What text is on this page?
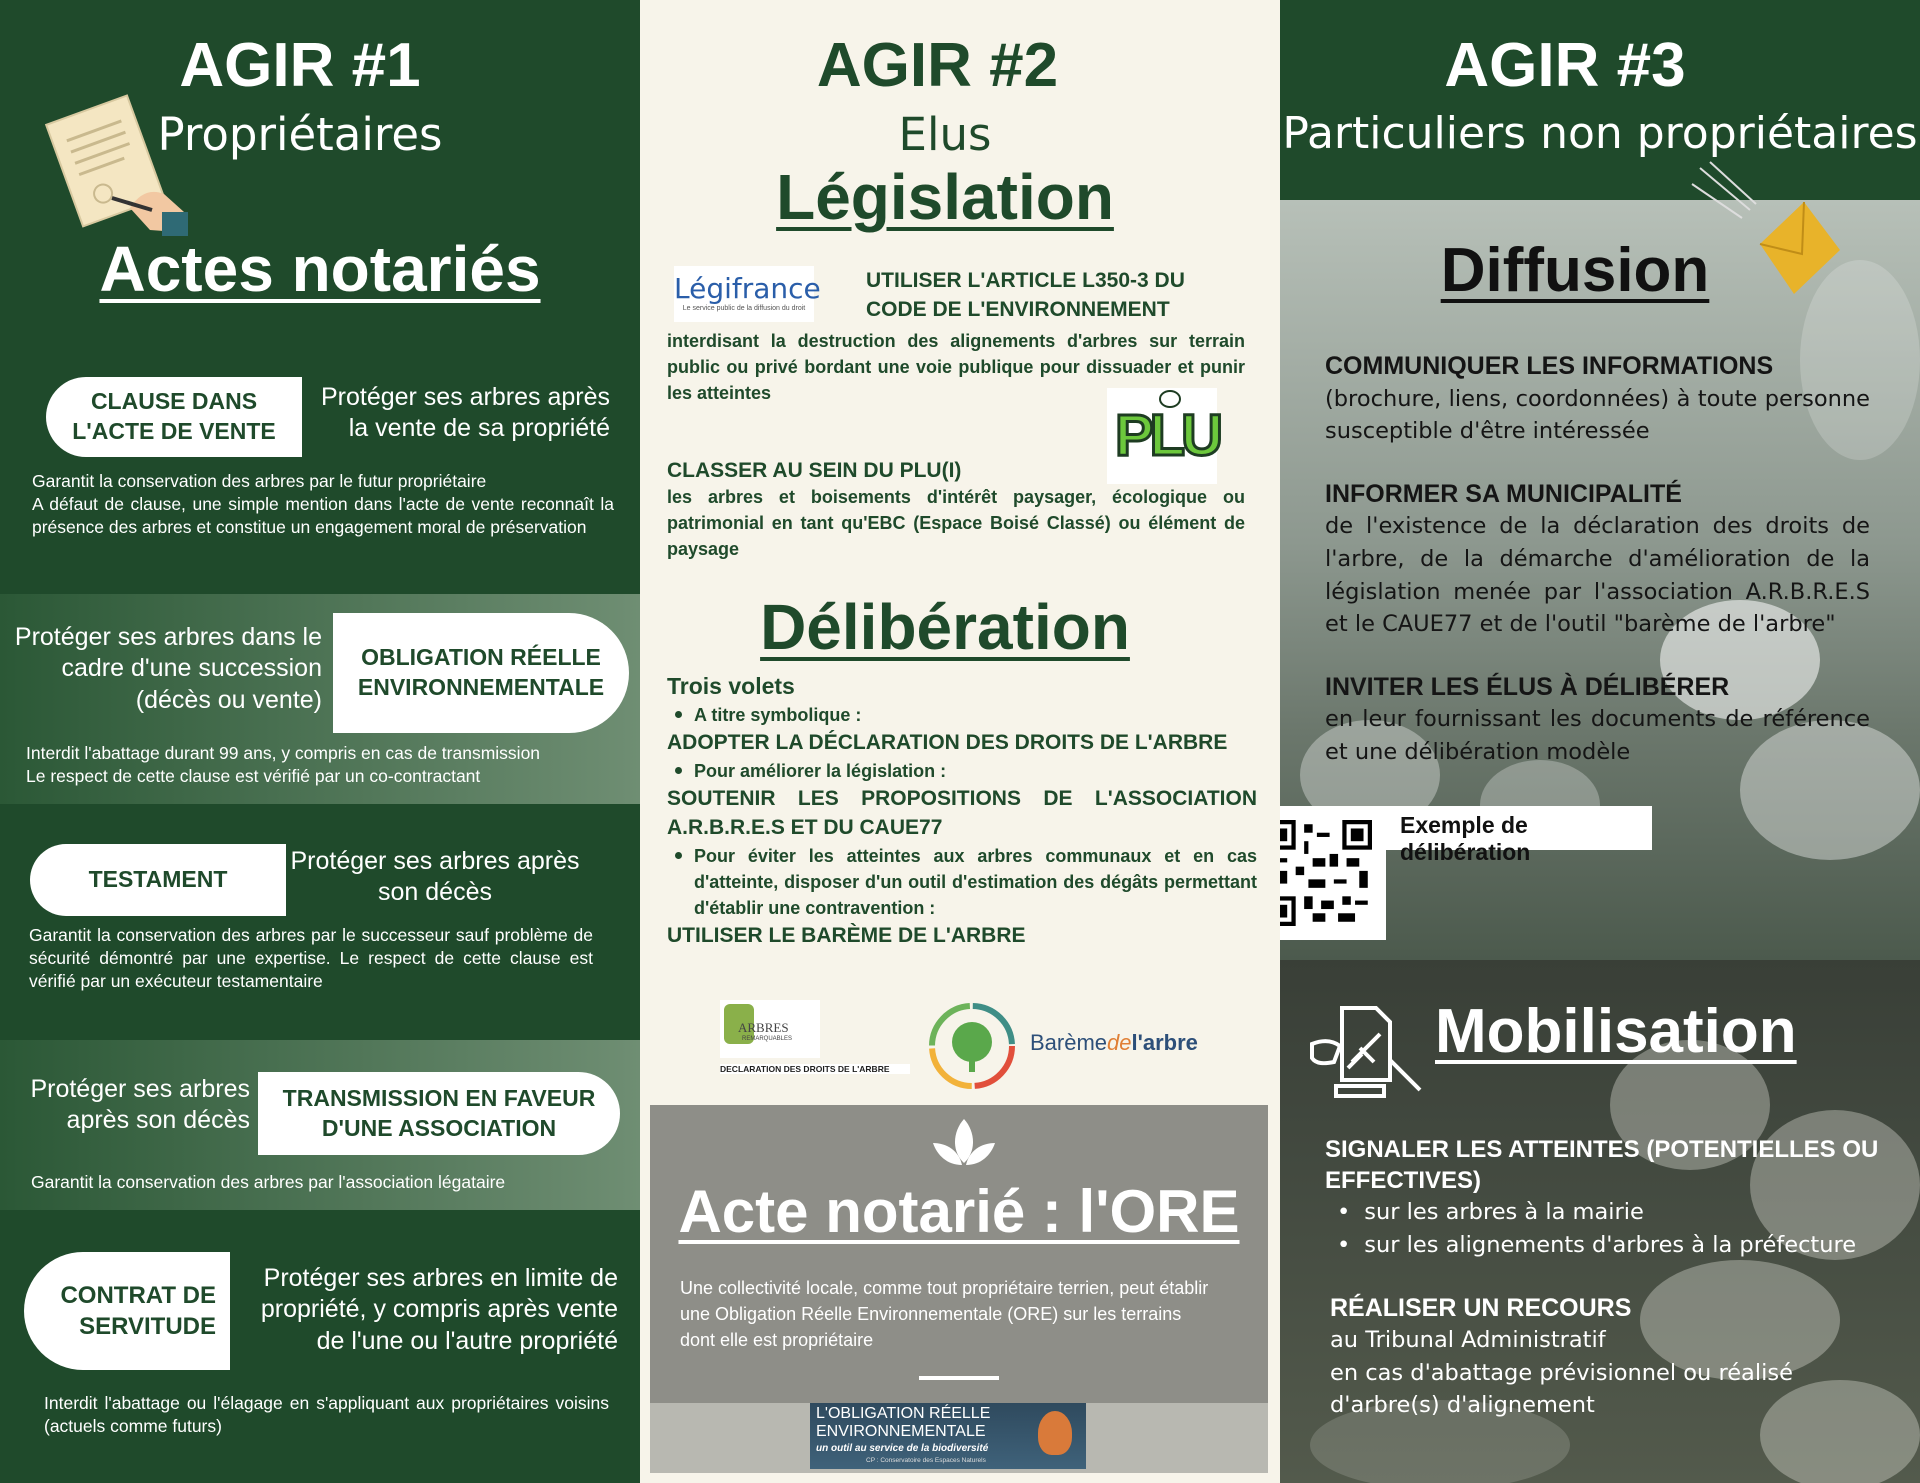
AGIR #1
Propriétaires
Actes notariés
CLAUSE DANS L'ACTE DE VENTE
Protéger ses arbres après la vente de sa propriété
Garantit la conservation des arbres par le futur propriétaire
A défaut de clause, une simple mention dans l'acte de vente reconnaît la présence des arbres et constitue un engagement moral de préservation
Protéger ses arbres dans le cadre d'une succession (décès ou vente)
OBLIGATION RÉELLE ENVIRONNEMENTALE
Interdit l'abattage durant 99 ans, y compris en cas de transmission
Le respect de cette clause est vérifié par un co-contractant
TESTAMENT
Protéger ses arbres après son décès
Garantit la conservation des arbres par le successeur sauf problème de sécurité démontré par une expertise. Le respect de cette clause est vérifié par un exécuteur testamentaire
Protéger ses arbres après son décès
TRANSMISSION EN FAVEUR D'UNE ASSOCIATION
Garantit la conservation des arbres par l'association légataire
CONTRAT DE SERVITUDE
Protéger ses arbres en limite de propriété, y compris après vente de l'une ou l'autre propriété
Interdit l'abattage ou l'élagage en s'appliquant aux propriétaires voisins (actuels comme futurs)
AGIR #2
Elus
Législation
Légifrance
Le service public de la diffusion du droit
UTILISER L'ARTICLE L350-3 DU CODE DE L'ENVIRONNEMENT
interdisant la destruction des alignements d'arbres sur terrain public ou privé bordant une voie publique pour dissuader et punir les atteintes
PLU
CLASSER AU SEIN DU PLU(I)
les arbres et boisements d'intérêt paysager, écologique ou patrimonial en tant qu'EBC (Espace Boisé Classé) ou élément de paysage
Délibération
Trois volets
A titre symbolique :
ADOPTER LA DÉCLARATION DES DROITS DE L'ARBRE
Pour améliorer la législation :
SOUTENIR LES PROPOSITIONS DE L'ASSOCIATION A.R.B.R.E.S ET DU CAUE77
Pour éviter les atteintes aux arbres communaux et en cas d'atteinte, disposer d'un outil d'estimation des dégâts permettant d'établir une contravention :
UTILISER LE BARÈME DE L'ARBRE
ARBRES
REMARQUABLES
DECLARATION DES DROITS DE L'ARBRE
Barèmedel'arbre
Acte notarié : l'ORE
Une collectivité locale, comme tout propriétaire terrien, peut établir une Obligation Réelle Environnementale (ORE) sur les terrains dont elle est propriétaire
L'OBLIGATION RÉELLE
ENVIRONNEMENTALE
un outil au service de la biodiversité
CP : Conservatoire des Espaces Naturels
AGIR #3
Particuliers non propriétaires
Diffusion
COMMUNIQUER LES INFORMATIONS
(brochure, liens, coordonnées) à toute personne susceptible d'être intéressée
INFORMER SA MUNICIPALITÉ
de l'existence de la déclaration des droits de l'arbre, de la démarche d'amélioration de la législation menée par l'association A.R.B.R.E.S et le CAUE77 et de l'outil "barème de l'arbre"
INVITER LES ÉLUS À DÉLIBÉRER
en leur fournissant les documents de référence et une délibération modèle
Exemple de délibération
Mobilisation
SIGNALER LES ATTEINTES (POTENTIELLES OU EFFECTIVES)
• sur les arbres à la mairie
• sur les alignements d'arbres à la préfecture
RÉALISER UN RECOURS
au Tribunal Administratif
en cas d'abattage prévisionnel ou réalisé
d'arbre(s) d'alignement
